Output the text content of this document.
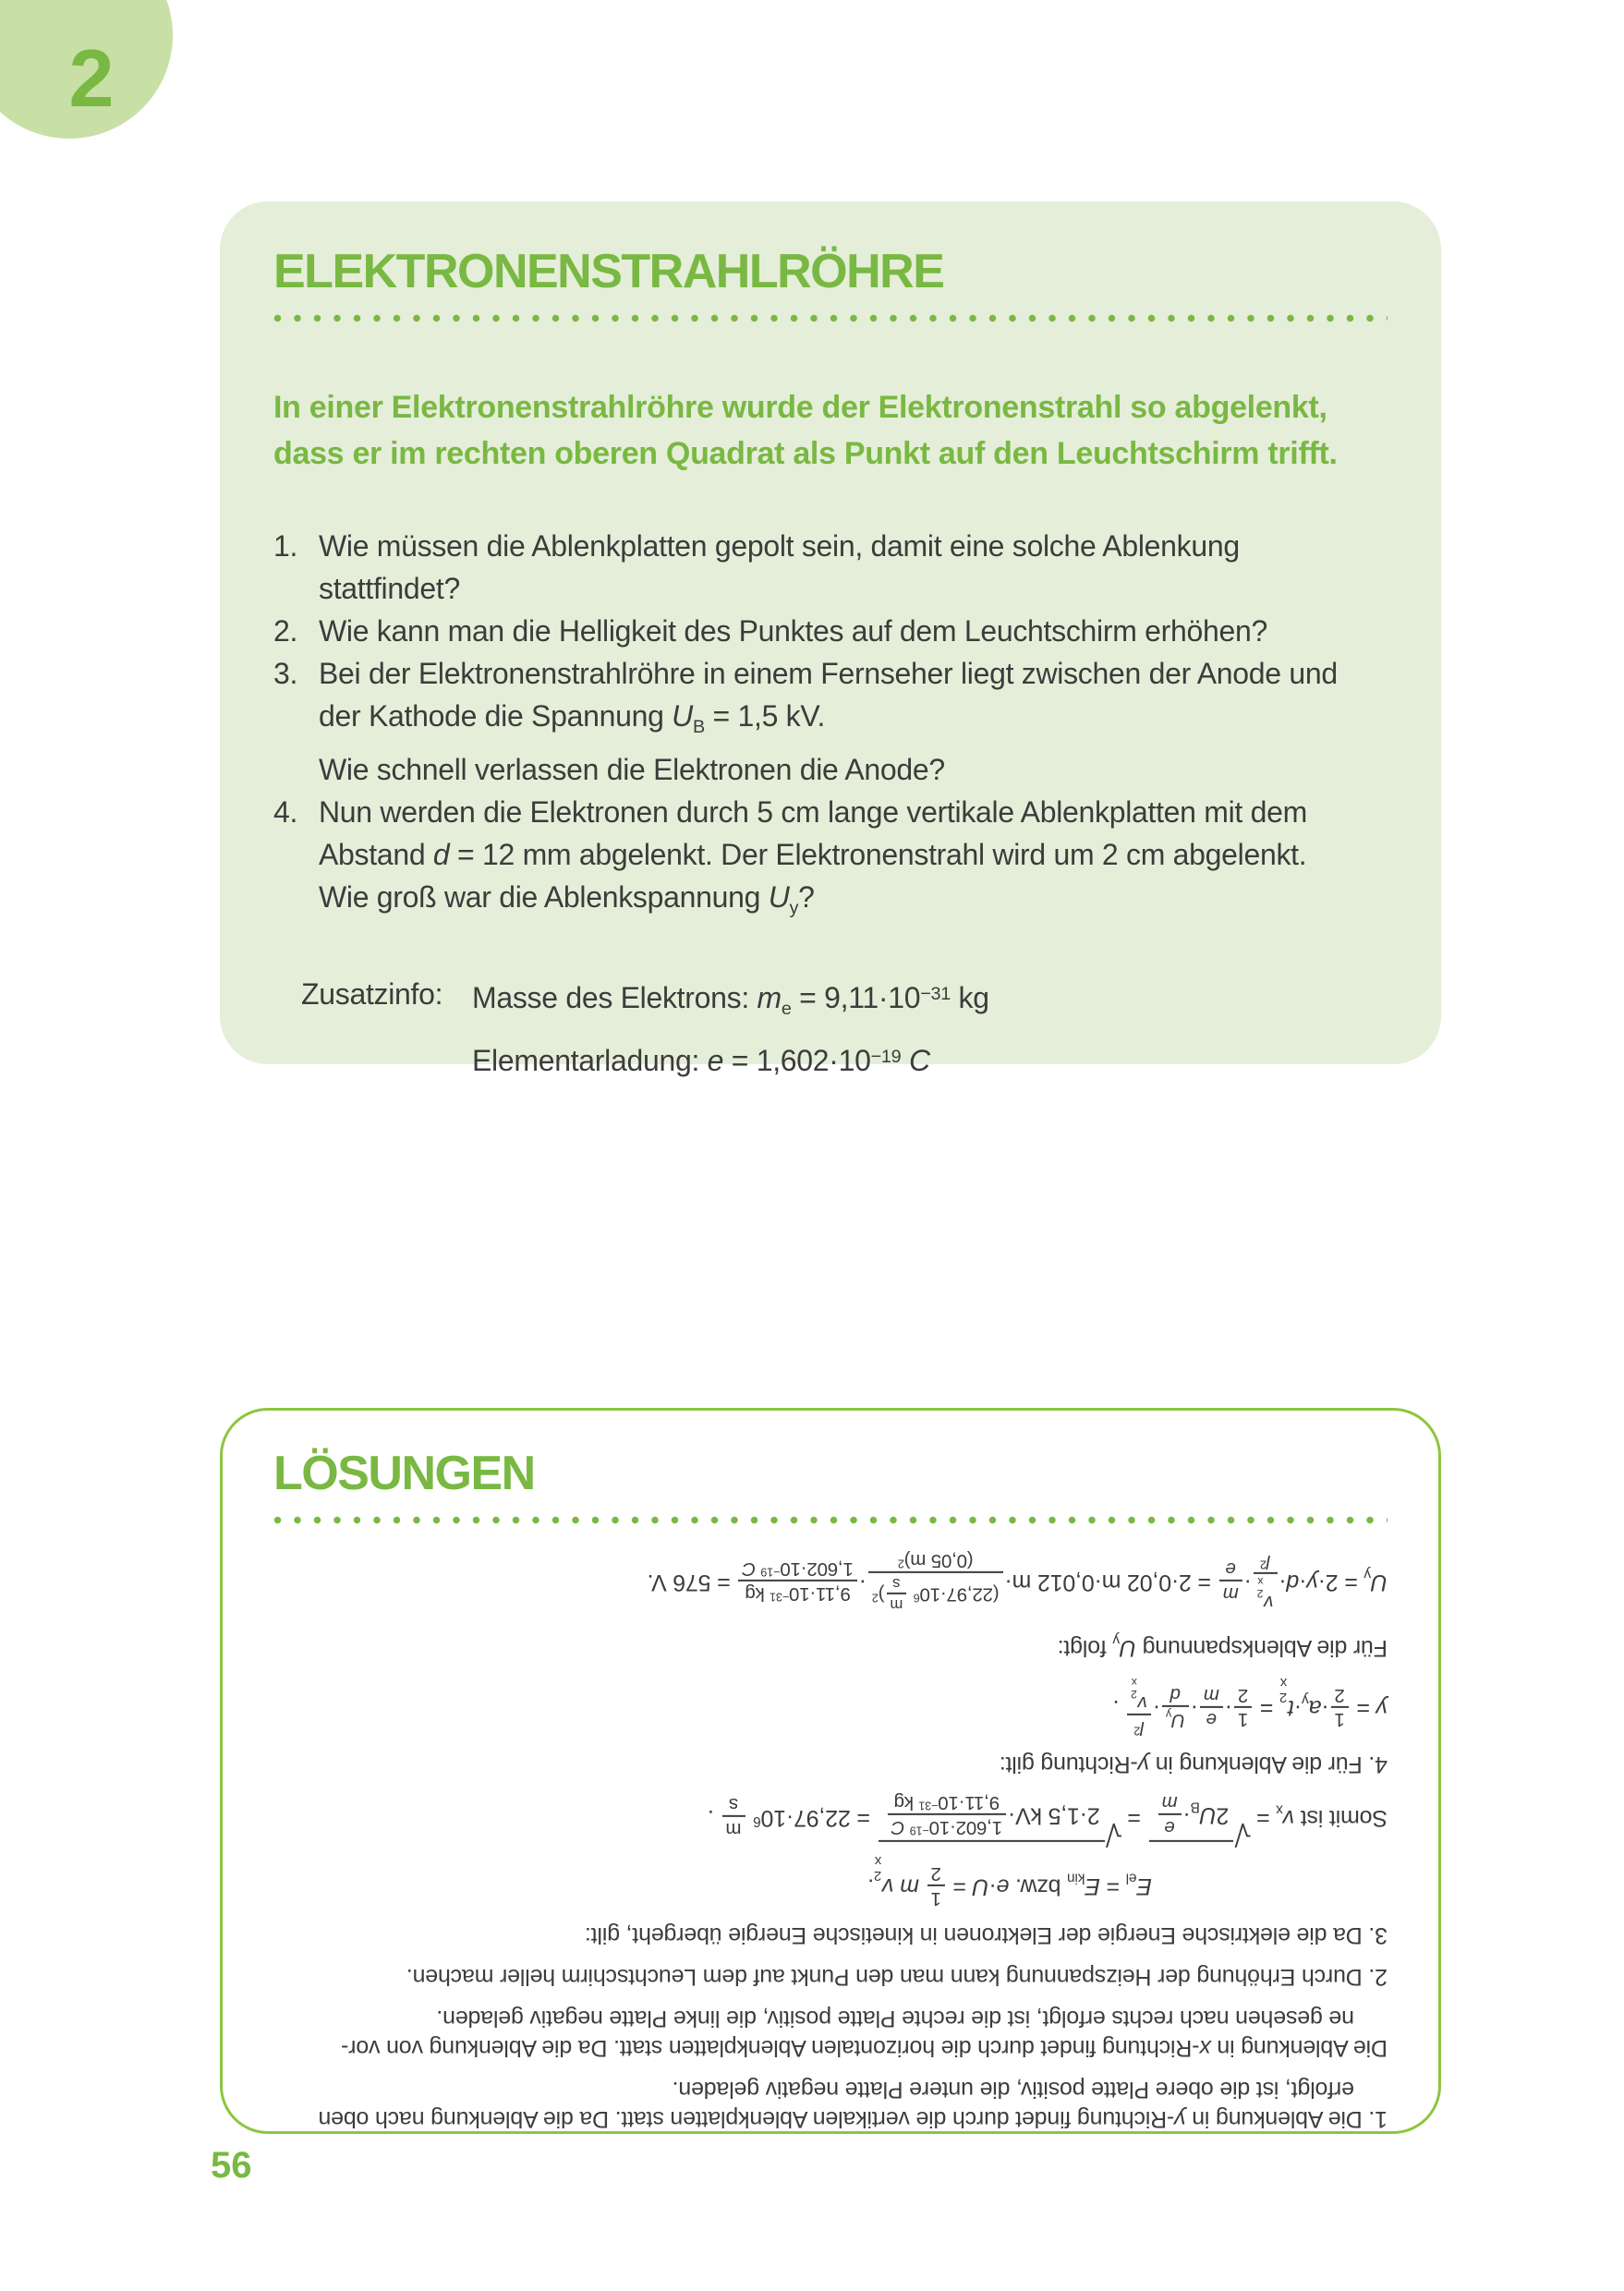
2
ELEKTRONENSTRAHLRÖHRE
In einer Elektronenstrahlröhre wurde der Elektronenstrahl so abgelenkt,
dass er im rechten oberen Quadrat als Punkt auf den Leuchtschirm trifft.
1. Wie müssen die Ablenkplatten gepolt sein, damit eine solche Ablenkung
stattfindet?
2. Wie kann man die Helligkeit des Punktes auf dem Leuchtschirm erhöhen?
3. Bei der Elektronenstrahlröhre in einem Fernseher liegt zwischen der Anode und
der Kathode die Spannung $U_B = 1,5$ kV.
Wie schnell verlassen die Elektronen die Anode?
4. Nun werden die Elektronen durch 5 cm lange vertikale Ablenkplatten mit dem
Abstand d = 12 mm abgelenkt. Der Elektronenstrahl wird um 2 cm abgelenkt.
Wie groß war die Ablenkspannung $U_y$?
Zusatzinfo: Masse des Elektrons: $m_e = 9,11\cdot 10^{-31}$ kg
Elementarladung: $e = 1,602\cdot 10^{-19}$ C
LÖSUNGEN
1. Die Ablenkung in y-Richtung findet durch die vertikalen Ablenkplatten statt. Da die Ablenkung nach oben
erfolgt, ist die obere Platte positiv, die untere Platte negativ geladen.
Die Ablenkung in x-Richtung findet durch die horizontalen Ablenkplatten statt. Da die Ablenkung von vor-
ne gesehen nach rechts erfolgt, ist die rechte Platte positiv, die linke Platte negativ geladen.
2. Durch Erhöhung der Heizspannung kann man den Punkt auf dem Leuchtschirm heller machen.
3. Da die elektrische Energie der Elektronen in kinetische Energie übergeht, gilt:
$E_{el} = E_{kin}$ bzw. e·U =
1
2
m v
2
x
.
Somit ist $v_x$ = √ $2U_B\cdot$
e
m
= √ 2·1,5 kV·
$1,602\cdot 10^{-19}$ C
$9,11\cdot 10^{-31}$ kg
= $22,97\cdot 10^6$
m
s
.
4. Für die Ablenkung in y-Richtung gilt:
y =
1
2
$\cdot a_y\cdot t$
2
x
=
1
2
·
e
m
·
$U_y$
d
·
$l^2$
v
2
x
.
Für die Ablenkspannung $U_y$ folgt:
$U_y = 2\cdot y\cdot d\cdot$
v
2
x
$l^2$
·
m
e
= 2·0,02 m·0,012 m·
($22,97\cdot 10^6$
m
s
)$^2$
(0,05 m)$^2$
·
$9,11\cdot 10^{-31}$ kg
$1,602\cdot 10^{-19}$ C
= 576 V.
56
